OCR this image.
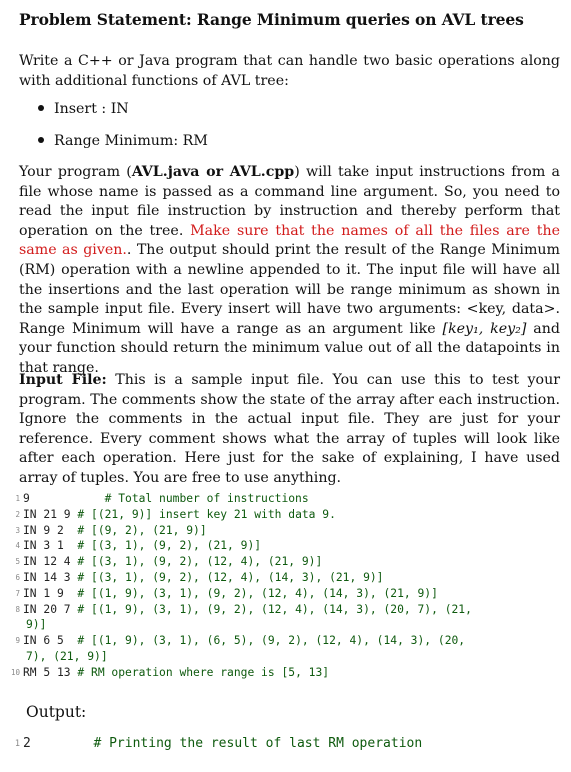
Problem Statement: Range Minimum queries on AVL trees
Write a C++ or Java program that can handle two basic operations along with additional functions of AVL tree:
Insert : IN
Range Minimum: RM
Your program (AVL.java or AVL.cpp) will take input instructions from a file whose name is passed as a command line argument. So, you need to read the input file instruction by instruction and thereby perform that operation on the tree. Make sure that the names of all the files are the same as given.. The output should print the result of the Range Minimum (RM) operation with a newline appended to it. The input file will have all the insertions and the last operation will be range minimum as shown in the sample input file. Every insert will have two arguments: <key, data>. Range Minimum will have a range as an argument like [key₁, key₂] and your function should return the minimum value out of all the datapoints in that range.
Input File: This is a sample input file. You can use this to test your program. The comments show the state of the array after each instruction. Ignore the comments in the actual input file. They are just for your reference. Every comment shows what the array of tuples will look like after each operation. Here just for the sake of explaining, I have used array of tuples. You are free to use anything.
1 9 # Total number of instructions
2 IN 21 9 # [(21, 9)] insert key 21 with data 9.
3 IN 9 2 # [(9, 2), (21, 9)]
4 IN 3 1 # [(3, 1), (9, 2), (21, 9)]
5 IN 12 4 # [(3, 1), (9, 2), (12, 4), (21, 9)]
6 IN 14 3 # [(3, 1), (9, 2), (12, 4), (14, 3), (21, 9)]
7 IN 1 9 # [(1, 9), (3, 1), (9, 2), (12, 4), (14, 3), (21, 9)]
8 IN 20 7 # [(1, 9), (3, 1), (9, 2), (12, 4), (14, 3), (20, 7), (21,
9)]
9 IN 6 5 # [(1, 9), (3, 1), (6, 5), (9, 2), (12, 4), (14, 3), (20,
7), (21, 9)]
10 RM 5 13 # RM operation where range is [5, 13]
Output:
1 2
	# Printing the result of last RM operation
